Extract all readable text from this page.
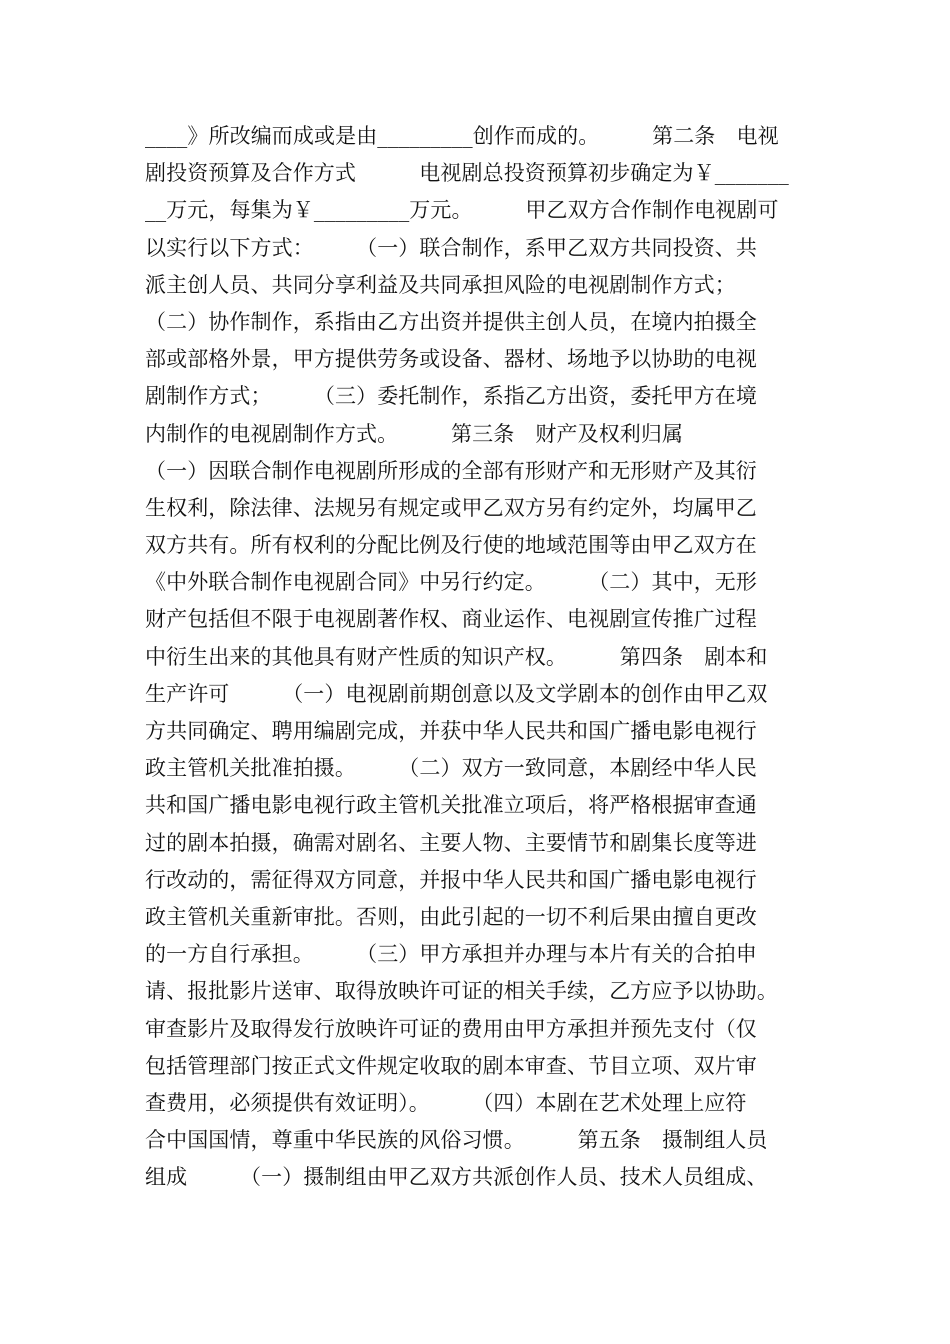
____》所改编而成或是由_________创作而成的。　　　第二条　电视
剧投资预算及合作方式　　　电视剧总投资预算初步确定为￥_______
__万元，每集为￥_________万元。　　　甲乙双方合作制作电视剧可
以实行以下方式：　　　（一）联合制作，系甲乙双方共同投资、共
派主创人员、共同分享利益及共同承担风险的电视剧制作方式；　　
（二）协作制作，系指由乙方出资并提供主创人员，在境内拍摄全
部或部格外景，甲方提供劳务或设备、器材、场地予以协助的电视
剧制作方式；　　　（三）委托制作，系指乙方出资，委托甲方在境
内制作的电视剧制作方式。　　　第三条　财产及权利归属　　　
（一）因联合制作电视剧所形成的全部有形财产和无形财产及其衍
生权利，除法律、法规另有规定或甲乙双方另有约定外，均属甲乙
双方共有。所有权利的分配比例及行使的地域范围等由甲乙双方在
《中外联合制作电视剧合同》中另行约定。　　　（二）其中，无形
财产包括但不限于电视剧著作权、商业运作、电视剧宣传推广过程
中衍生出来的其他具有财产性质的知识产权。　　　第四条　剧本和
生产许可　　　（一）电视剧前期创意以及文学剧本的创作由甲乙双
方共同确定、聘用编剧完成，并获中华人民共和国广播电影电视行
政主管机关批准拍摄。　　　（二）双方一致同意，本剧经中华人民
共和国广播电影电视行政主管机关批准立项后，将严格根据审查通
过的剧本拍摄，确需对剧名、主要人物、主要情节和剧集长度等进
行改动的，需征得双方同意，并报中华人民共和国广播电影电视行
政主管机关重新审批。否则，由此引起的一切不利后果由擅自更改
的一方自行承担。　　　（三）甲方承担并办理与本片有关的合拍申
请、报批影片送审、取得放映许可证的相关手续，乙方应予以协助。
审查影片及取得发行放映许可证的费用由甲方承担并预先支付（仅
包括管理部门按正式文件规定收取的剧本审查、节目立项、双片审
查费用，必须提供有效证明）。　　　（四）本剧在艺术处理上应符
合中国国情，尊重中华民族的风俗习惯。　　　第五条　摄制组人员
组成　　　（一）摄制组由甲乙双方共派创作人员、技术人员组成、
